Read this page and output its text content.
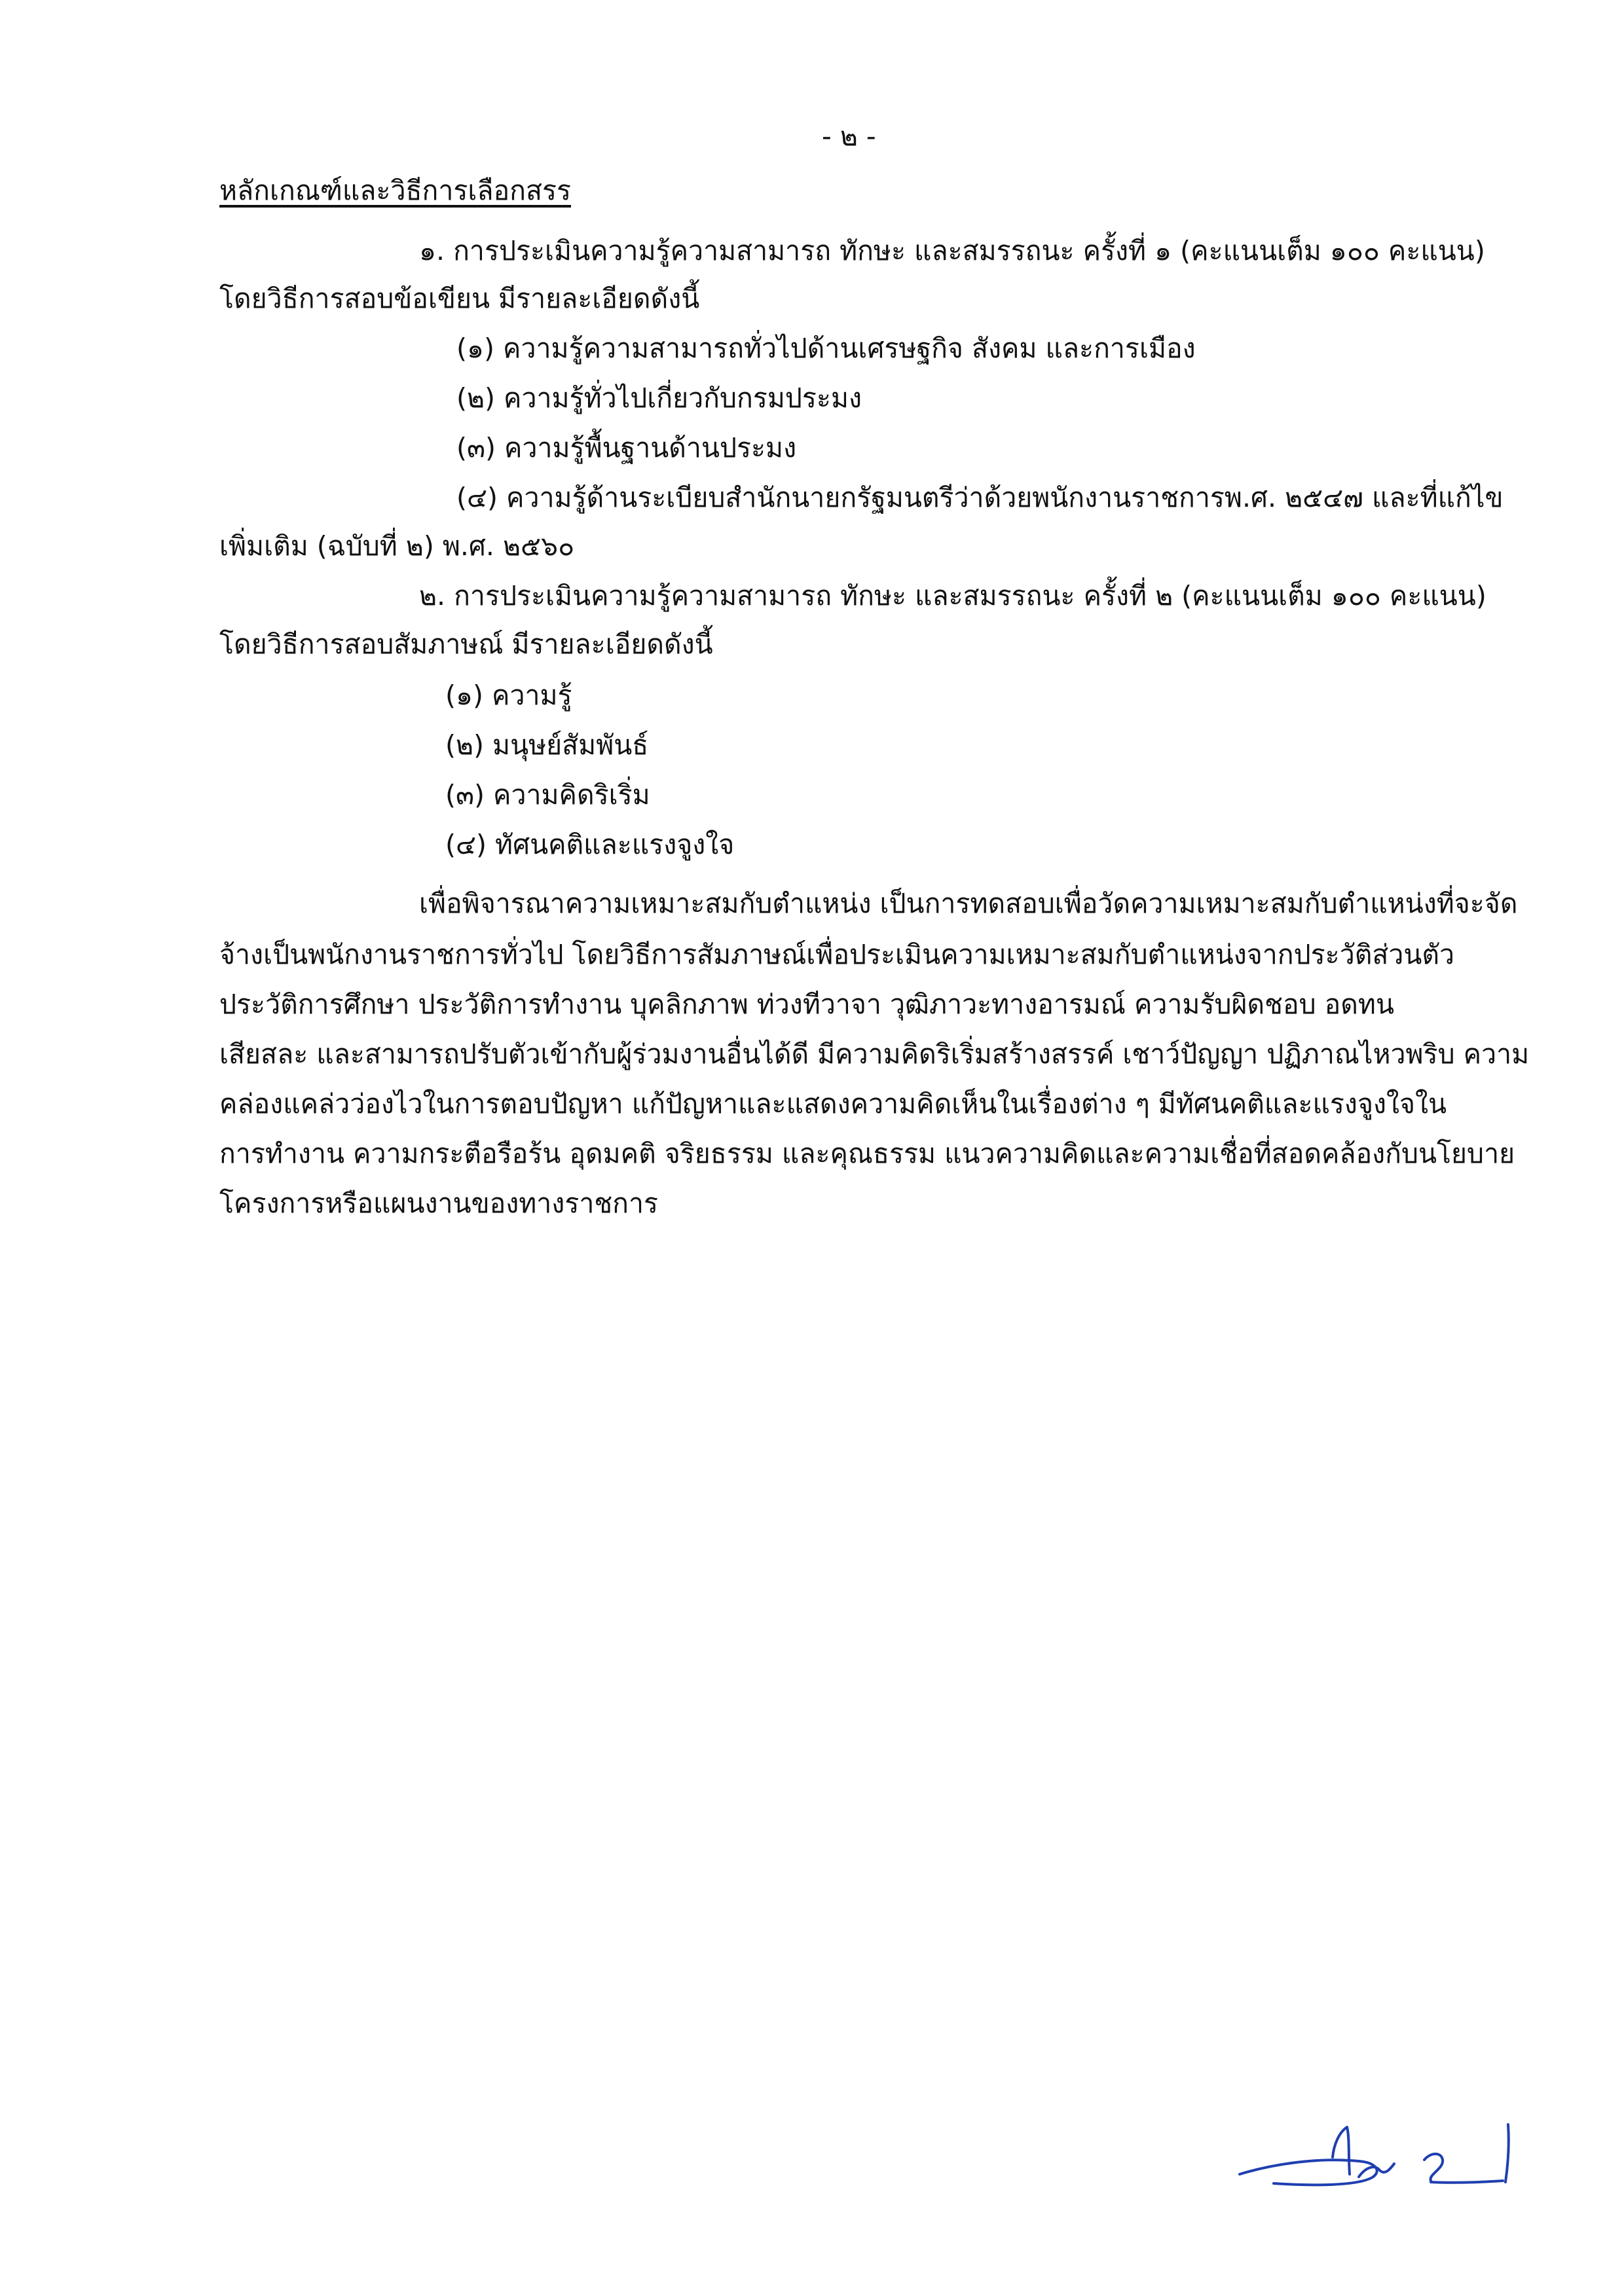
- ๒ -
หลักเกณฑ์และวิธีการเลือกสรร
๑. การประเมินความรู้ความสามารถ ทักษะ และสมรรถนะ ครั้งที่ ๑ (คะแนนเต็ม ๑๐๐ คะแนน)
โดยวิธีการสอบข้อเขียน มีรายละเอียดดังนี้
(๑) ความรู้ความสามารถทั่วไปด้านเศรษฐกิจ สังคม และการเมือง
(๒) ความรู้ทั่วไปเกี่ยวกับกรมประมง
(๓) ความรู้พื้นฐานด้านประมง
(๔) ความรู้ด้านระเบียบสำนักนายกรัฐมนตรีว่าด้วยพนักงานราชการพ.ศ. ๒๕๔๗ และที่แก้ไข
เพิ่มเติม (ฉบับที่ ๒) พ.ศ. ๒๕๖๐
๒. การประเมินความรู้ความสามารถ ทักษะ และสมรรถนะ ครั้งที่ ๒ (คะแนนเต็ม ๑๐๐ คะแนน)
โดยวิธีการสอบสัมภาษณ์ มีรายละเอียดดังนี้
(๑) ความรู้
(๒) มนุษย์สัมพันธ์
(๓) ความคิดริเริ่ม
(๔) ทัศนคติและแรงจูงใจ
เพื่อพิจารณาความเหมาะสมกับตำแหน่ง เป็นการทดสอบเพื่อวัดความเหมาะสมกับตำแหน่งที่จะจัด
จ้างเป็นพนักงานราชการทั่วไป โดยวิธีการสัมภาษณ์เพื่อประเมินความเหมาะสมกับตำแหน่งจากประวัติส่วนตัว
ประวัติการศึกษา ประวัติการทำงาน บุคลิกภาพ ท่วงทีวาจา วุฒิภาวะทางอารมณ์ ความรับผิดชอบ อดทน
เสียสละ และสามารถปรับตัวเข้ากับผู้ร่วมงานอื่นได้ดี มีความคิดริเริ่มสร้างสรรค์ เชาว์ปัญญา ปฏิภาณไหวพริบ ความ
คล่องแคล่วว่องไวในการตอบปัญหา แก้ปัญหาและแสดงความคิดเห็นในเรื่องต่าง ๆ มีทัศนคติและแรงจูงใจใน
การทำงาน ความกระตือรือร้น อุดมคติ จริยธรรม และคุณธรรม แนวความคิดและความเชื่อที่สอดคล้องกับนโยบาย
โครงการหรือแผนงานของทางราชการ
